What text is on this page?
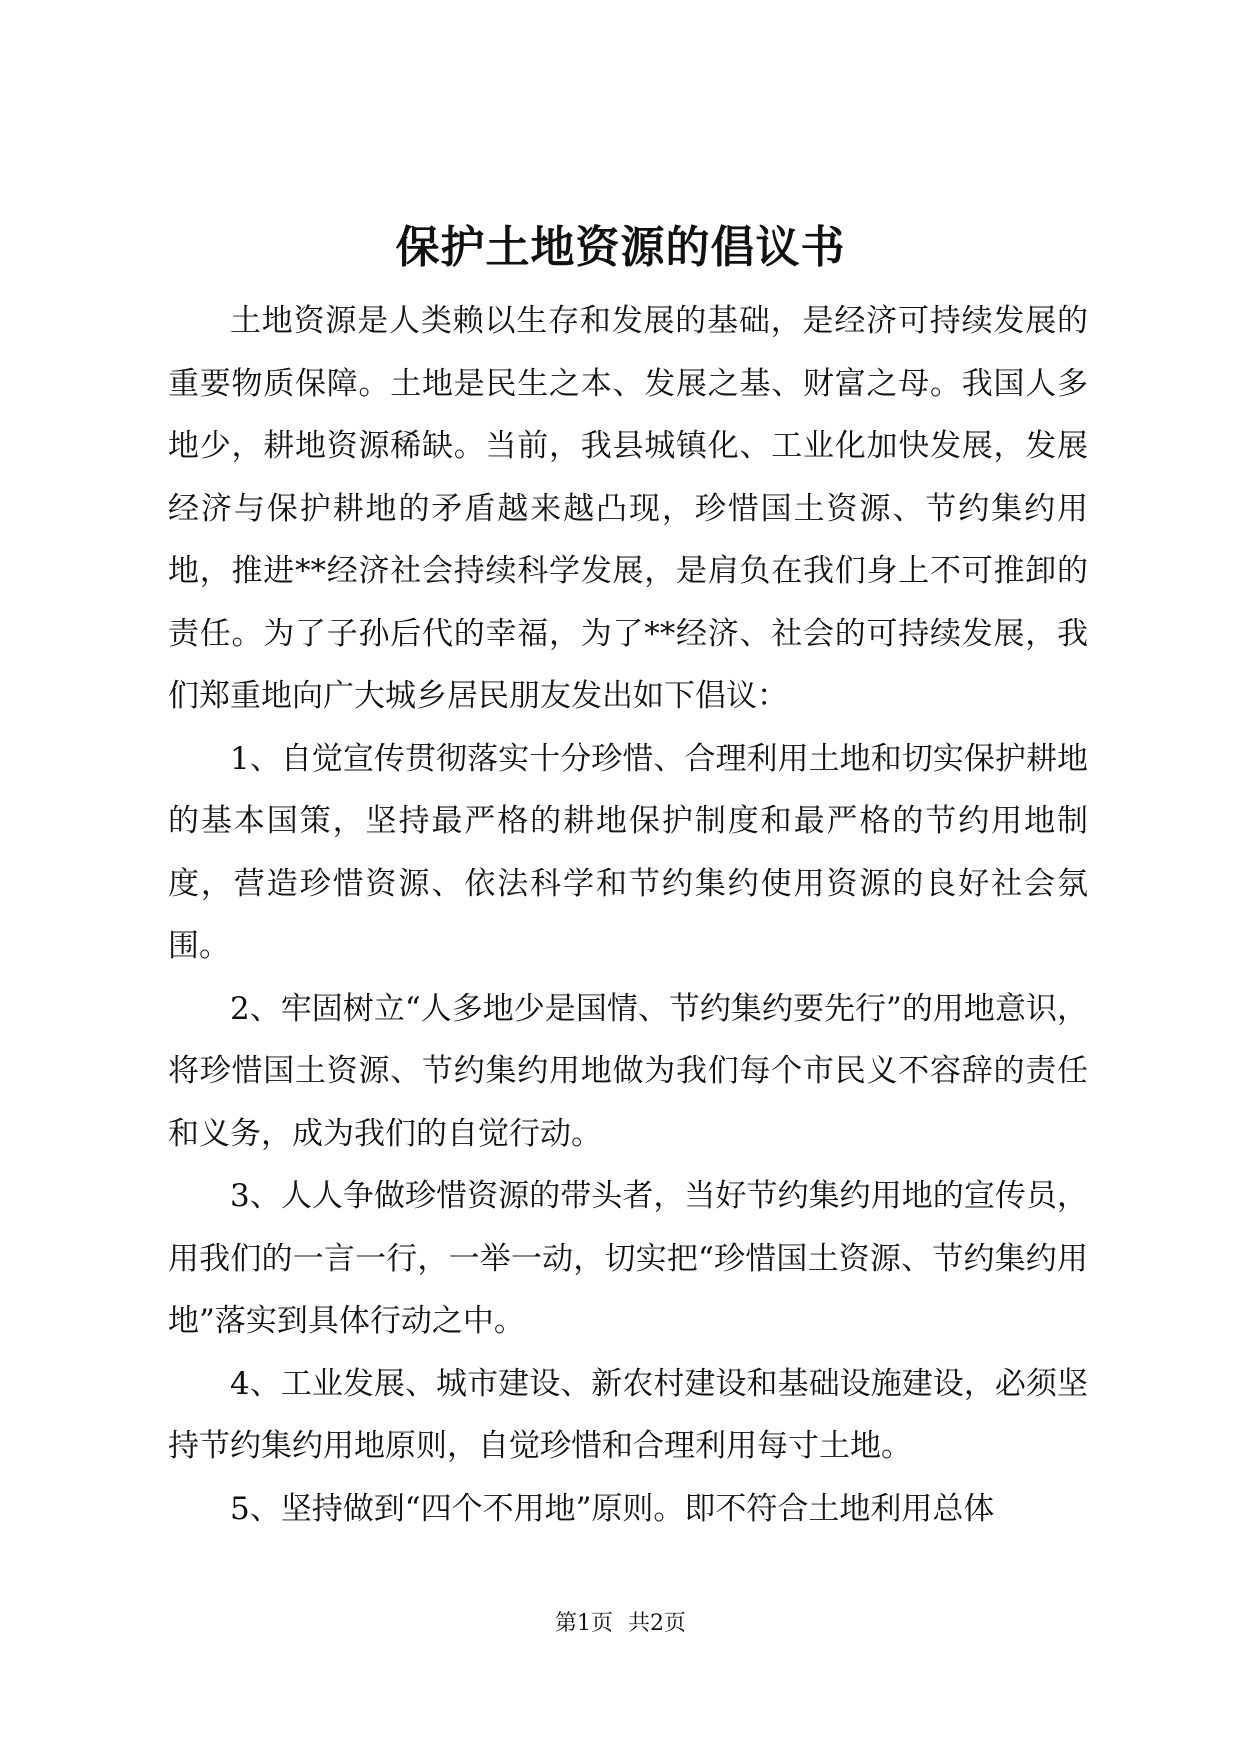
保护土地资源的倡议书

土地资源是人类赖以生存和发展的基础，是经济可持续发展的重要物质保障。土地是民生之本、发展之基、财富之母。我国人多地少，耕地资源稀缺。当前，我县城镇化、工业化加快发展，发展经济与保护耕地的矛盾越来越凸现，珍惜国土资源、节约集约用地，推进**经济社会持续科学发展，是肩负在我们身上不可推卸的责任。为了子孙后代的幸福，为了**经济、社会的可持续发展，我们郑重地向广大城乡居民朋友发出如下倡议：

1、自觉宣传贯彻落实十分珍惜、合理利用土地和切实保护耕地的基本国策，坚持最严格的耕地保护制度和最严格的节约用地制度，营造珍惜资源、依法科学和节约集约使用资源的良好社会氛围。

2、牢固树立“人多地少是国情、节约集约要先行”的用地意识，将珍惜国土资源、节约集约用地做为我们每个市民义不容辞的责任和义务，成为我们的自觉行动。

3、人人争做珍惜资源的带头者，当好节约集约用地的宣传员，用我们的一言一行，一举一动，切实把“珍惜国土资源、节约集约用地”落实到具体行动之中。

4、工业发展、城市建设、新农村建设和基础设施建设，必须坚持节约集约用地原则，自觉珍惜和合理利用每寸土地。

5、坚持做到“四个不用地”原则。即不符合土地利用总体

第1页 共2页
